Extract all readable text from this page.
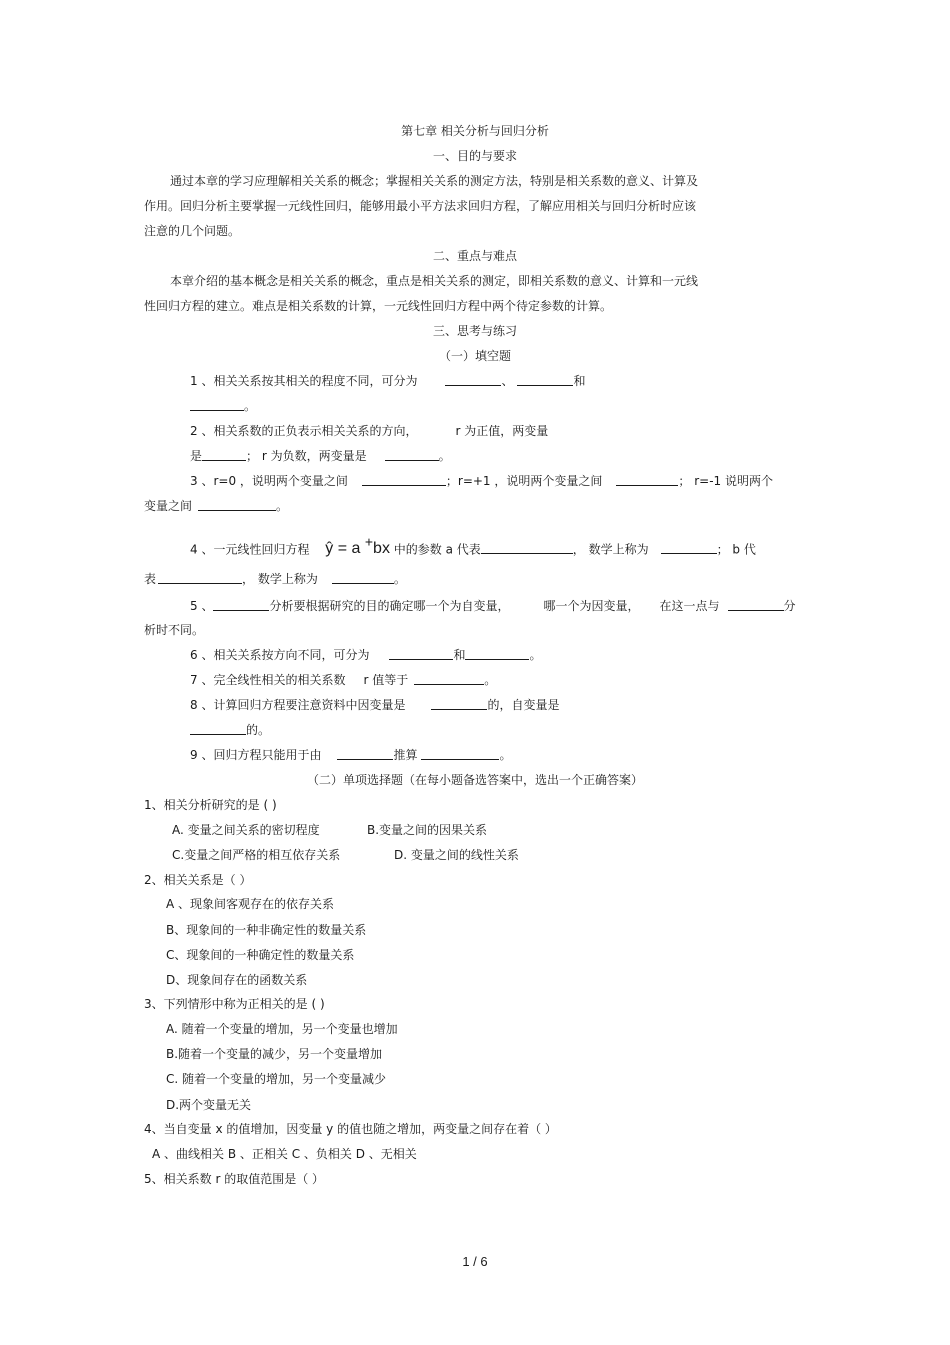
第七章 相关分析与回归分析
一、目的与要求
通过本章的学习应理解相关关系的概念；掌握相关关系的测定方法，特别是相关系数的意义、计算及
作用。回归分析主要掌握一元线性回归，能够用最小平方法求回归方程，了解应用相关与回归分析时应该
注意的几个问题。
二、重点与难点
本章介绍的基本概念是相关关系的概念，重点是相关关系的测定，即相关系数的意义、计算和一元线
性回归方程的建立。难点是相关系数的计算，一元线性回归方程中两个待定参数的计算。
三、思考与练习
（一）填空题
1 、相关关系按其相关的程度不同，可分为	、	和
。
2 、相关系数的正负表示相关关系的方向，	r 为正值，两变量
是	； r 为负数，两变量是	。
3 、r=0 ，说明两个变量之间	；r=+1 ，说明两个变量之间	； r=-1 说明两个
变量之间	。
4 、一元线性回归方程 ŷ = a +bx 中的参数 a 代表	， 数学上称为	； b 代
表	， 数学上称为	。
5 、	分析要根据研究的目的确定哪一个为自变量，	哪一个为因变量， 在这一点与	分
析时不同。
6 、相关关系按方向不同，可分为	和	。
7 、完全线性相关的相关系数 r 值等于	。
8 、计算回归方程要注意资料中因变量是	的，自变量是
的。
9 、回归方程只能用于由	推算	。
（二）单项选择题（在每小题备选答案中，选出一个正确答案）
1、相关分析研究的是 ( )
A. 变量之间关系的密切程度	B.变量之间的因果关系
C.变量之间严格的相互依存关系	D. 变量之间的线性关系
2、相关关系是（ ）
A 、现象间客观存在的依存关系
B、现象间的一种非确定性的数量关系
C、现象间的一种确定性的数量关系
D、现象间存在的函数关系
3、下列情形中称为正相关的是 ( )
A. 随着一个变量的增加，另一个变量也增加
B.随着一个变量的减少，另一个变量增加
C. 随着一个变量的增加，另一个变量减少
D.两个变量无关
4、当自变量 x 的值增加，因变量 y 的值也随之增加，两变量之间存在着（ ）
A 、曲线相关 B 、正相关 C 、负相关 D 、无相关
5、相关系数 r 的取值范围是（ ）
1 / 6
